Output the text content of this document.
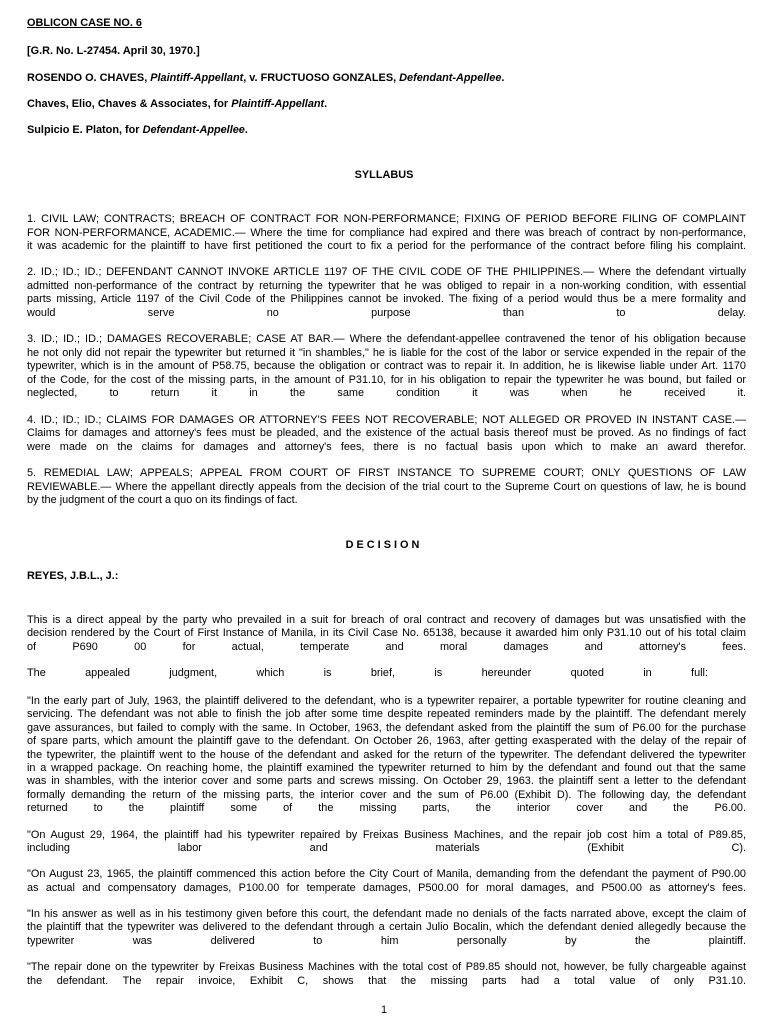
OBLICON CASE NO. 6

[G.R. No. L-27454. April 30, 1970.]

ROSENDO O. CHAVES, Plaintiff-Appellant, v. FRUCTUOSO GONZALES, Defendant-Appellee.

Chaves, Elio, Chaves & Associates, for Plaintiff-Appellant.

Sulpicio E. Platon, for Defendant-Appellee.

SYLLABUS

1. CIVIL LAW; CONTRACTS; BREACH OF CONTRACT FOR NON-PERFORMANCE; FIXING OF PERIOD BEFORE FILING OF COMPLAINT

FOR NON-PERFORMANCE, ACADEMIC.— Where the time for compliance had expired and there was breach of contract by non-performance,

it was academic for the plaintiff to have first petitioned the court to fix a period for the performance of the contract before filing his complaint.

2. ID.; ID.; ID.; DEFENDANT CANNOT INVOKE ARTICLE 1197 OF THE CIVIL CODE OF THE PHILIPPINES.— Where the defendant virtually

admitted non-performance of the contract by returning the typewriter that he was obliged to repair in a non-working condition, with essential

parts missing, Article 1197 of the Civil Code of the Philippines cannot be invoked. The fixing of a period would thus be a mere formality and

would serve no purpose than to delay.

3. ID.; ID.; ID.; DAMAGES RECOVERABLE; CASE AT BAR.— Where the defendant-appellee contravened the tenor of his obligation because

he not only did not repair the typewriter but returned it "in shambles," he is liable for the cost of the labor or service expended in the repair of the

typewriter, which is in the amount of P58.75, because the obligation or contract was to repair it. In addition, he is likewise liable under Art. 1170

of the Code, for the cost of the missing parts, in the amount of P31.10, for in his obligation to repair the typewriter he was bound, but failed or

neglected, to return it in the same condition it was when he received it.

4. ID.; ID.; ID.; CLAIMS FOR DAMAGES OR ATTORNEY'S FEES NOT RECOVERABLE; NOT ALLEGED OR PROVED IN INSTANT CASE.—

Claims for damages and attorney's fees must be pleaded, and the existence of the actual basis thereof must be proved. As no findings of fact

were made on the claims for damages and attorney's fees, there is no factual basis upon which to make an award therefor.

5. REMEDIAL LAW; APPEALS; APPEAL FROM COURT OF FIRST INSTANCE TO SUPREME COURT; ONLY QUESTIONS OF LAW

REVIEWABLE.— Where the appellant directly appeals from the decision of the trial court to the Supreme Court on questions of law, he is bound

by the judgment of the court a quo on its findings of fact.

DECISION

REYES, J.B.L., J.:

This is a direct appeal by the party who prevailed in a suit for breach of oral contract and recovery of damages but was unsatisfied with the

decision rendered by the Court of First Instance of Manila, in its Civil Case No. 65138, because it awarded him only P31.10 out of his total claim

of P690 00 for actual, temperate and moral damages and attorney's fees.

The appealed judgment, which is brief, is hereunder quoted in full:

"In the early part of July, 1963, the plaintiff delivered to the defendant, who is a typewriter repairer, a portable typewriter for routine cleaning and

servicing. The defendant was not able to finish the job after some time despite repeated reminders made by the plaintiff. The defendant merely

gave assurances, but failed to comply with the same. In October, 1963, the defendant asked from the plaintiff the sum of P6.00 for the purchase

of spare parts, which amount the plaintiff gave to the defendant. On October 26, 1963, after getting exasperated with the delay of the repair of

the typewriter, the plaintiff went to the house of the defendant and asked for the return of the typewriter. The defendant delivered the typewriter

in a wrapped package. On reaching home, the plaintiff examined the typewriter returned to him by the defendant and found out that the same

was in shambles, with the interior cover and some parts and screws missing. On October 29, 1963. the plaintiff sent a letter to the defendant

formally demanding the return of the missing parts, the interior cover and the sum of P6.00 (Exhibit D). The following day, the defendant

returned to the plaintiff some of the missing parts, the interior cover and the P6.00.

"On August 29, 1964, the plaintiff had his typewriter repaired by Freixas Business Machines, and the repair job cost him a total of P89.85,

including labor and materials (Exhibit C).

"On August 23, 1965, the plaintiff commenced this action before the City Court of Manila, demanding from the defendant the payment of P90.00

as actual and compensatory damages, P100.00 for temperate damages, P500.00 for moral damages, and P500.00 as attorney's fees.

"In his answer as well as in his testimony given before this court, the defendant made no denials of the facts narrated above, except the claim of

the plaintiff that the typewriter was delivered to the defendant through a certain Julio Bocalin, which the defendant denied allegedly because the

typewriter was delivered to him personally by the plaintiff.

"The repair done on the typewriter by Freixas Business Machines with the total cost of P89.85 should not, however, be fully chargeable against

the defendant. The repair invoice, Exhibit C, shows that the missing parts had a total value of only P31.10.

1
